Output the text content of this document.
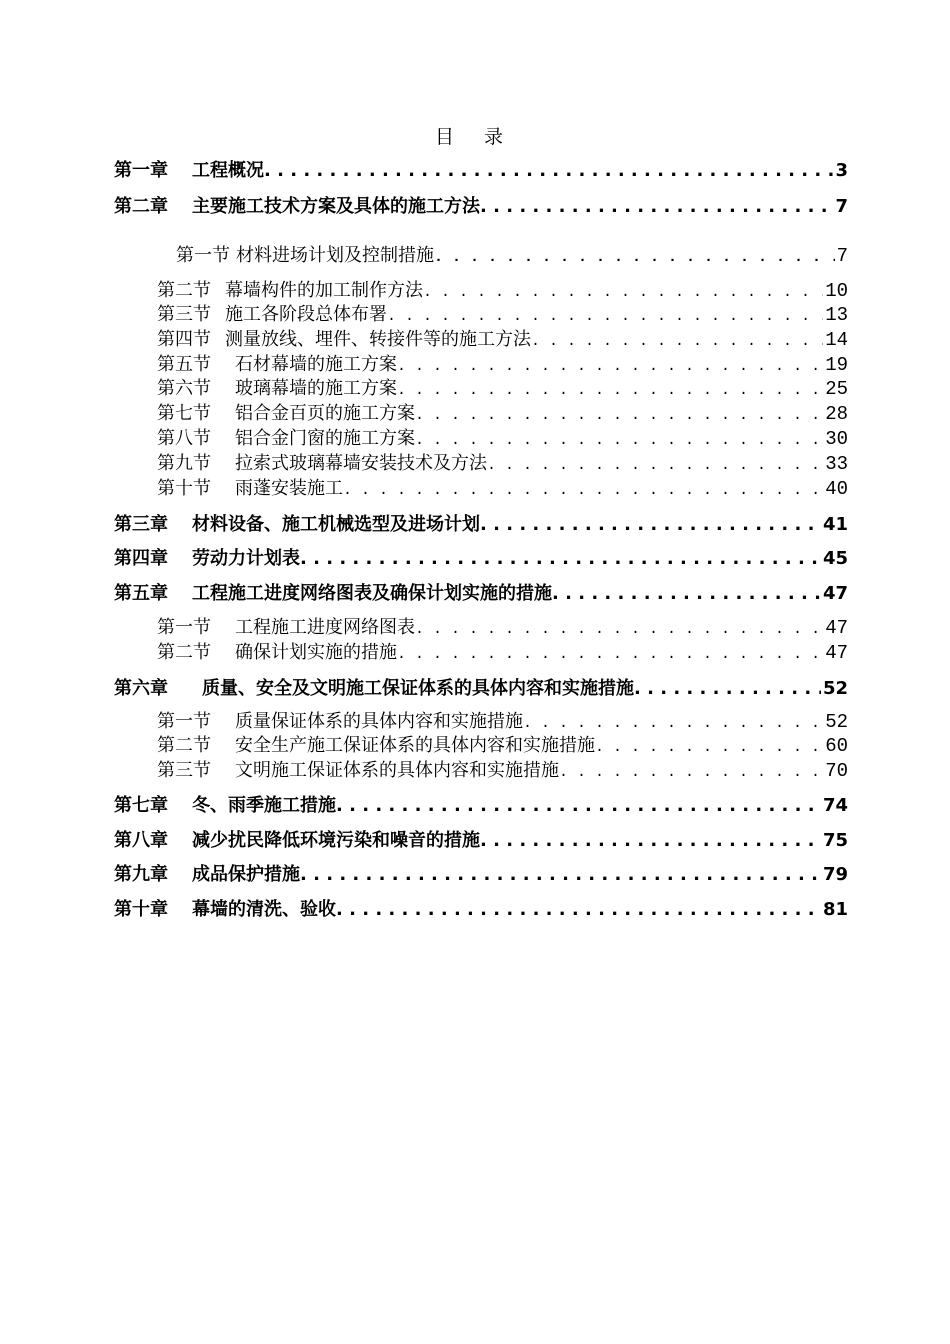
目 录
第一章 工程概况 . . .	3
第二章 主要施工技术方案及具体的施工方法 . . .	7
第一节 材料进场计划及控制措施 . . .	7
第二节 幕墙构件的加工制作方法 . . .	10
第三节 施工各阶段总体布署 . . .	13
第四节 测量放线、埋件、转接件等的施工方法 . . .	14
第五节 石材幕墙的施工方案 . . .	19
第六节 玻璃幕墙的施工方案 . . .	25
第七节 铝合金百页的施工方案 . . .	28
第八节 铝合金门窗的施工方案 . . .	30
第九节 拉索式玻璃幕墙安装技术及方法 . . .	33
第十节 雨蓬安装施工 . . .	40
第三章 材料设备、施工机械选型及进场计划 . . .	41
第四章 劳动力计划表 . . .	45
第五章 工程施工进度网络图表及确保计划实施的措施 . . .	47
第一节 工程施工进度网络图表 . . .	47
第二节 确保计划实施的措施 . . .	47
第六章 质量、安全及文明施工保证体系的具体内容和实施措施 . . .	52
第一节 质量保证体系的具体内容和实施措施 . . .	52
第二节 安全生产施工保证体系的具体内容和实施措施 . . .	60
第三节 文明施工保证体系的具体内容和实施措施 . . .	70
第七章 冬、雨季施工措施 . . .	74
第八章 减少扰民降低环境污染和噪音的措施 . . .	75
第九章 成品保护措施 . . .	79
第十章 幕墙的清洗、验收 . . .	81
